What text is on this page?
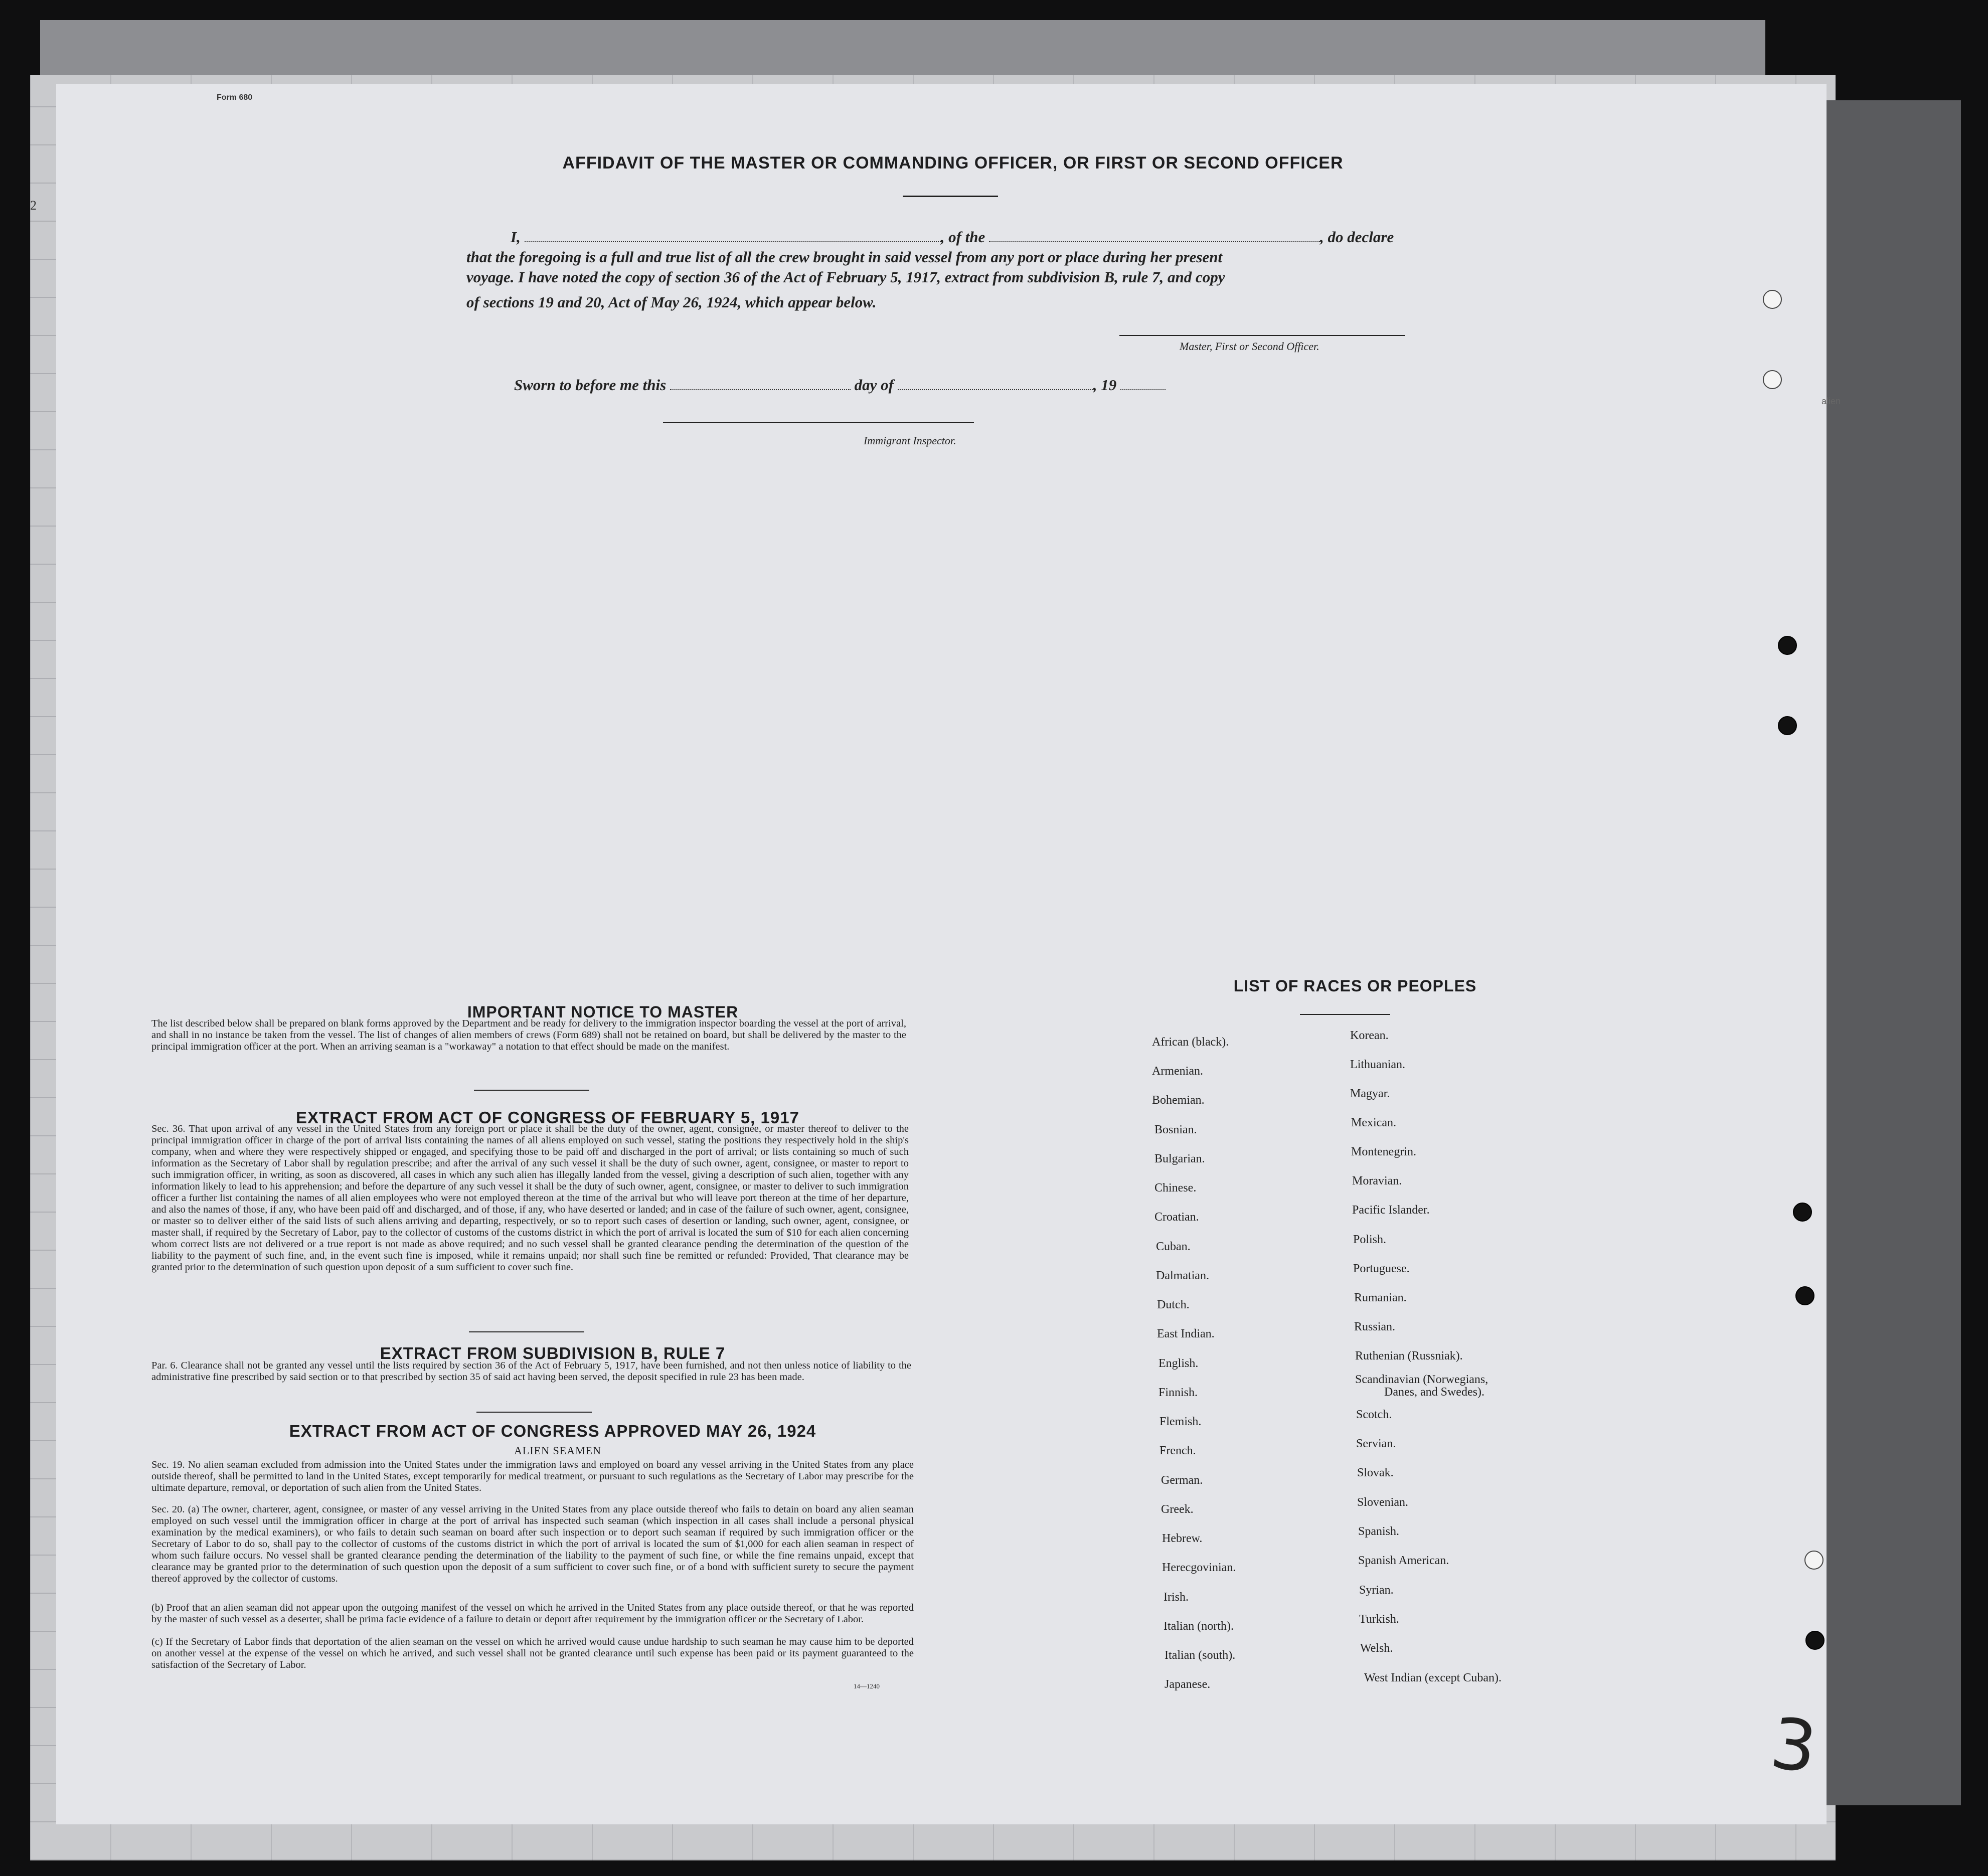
Form 680
2
alien
AFFIDAVIT OF THE MASTER OR COMMANDING OFFICER, OR FIRST OR SECOND OFFICER
I,	, of the	, do declare
that the foregoing is a full and true list of all the crew brought in said vessel from any port or place during her present
voyage. I have noted the copy of section 36 of the Act of February 5, 1917, extract from subdivision B, rule 7, and copy
of sections 19 and 20, Act of May 26, 1924, which appear below.
Master, First or Second Officer.
Sworn to before me this	day of	, 19
Immigrant Inspector.
IMPORTANT NOTICE TO MASTER
The list described below shall be prepared on blank forms approved by the Department and be ready for delivery to the immigration inspector boarding the vessel at the port of arrival, and shall in no instance be taken from the vessel. The list of changes of alien members of crews (Form 689) shall not be retained on board, but shall be delivered by the master to the principal immigration officer at the port. When an arriving seaman is a "workaway" a notation to that effect should be made on the manifest.
EXTRACT FROM ACT OF CONGRESS OF FEBRUARY 5, 1917
Sec. 36. That upon arrival of any vessel in the United States from any foreign port or place it shall be the duty of the owner, agent, consignee, or master thereof to deliver to the principal immigration officer in charge of the port of arrival lists containing the names of all aliens employed on such vessel, stating the positions they respectively hold in the ship's company, when and where they were respectively shipped or engaged, and specifying those to be paid off and discharged in the port of arrival; or lists containing so much of such information as the Secretary of Labor shall by regulation prescribe; and after the arrival of any such vessel it shall be the duty of such owner, agent, consignee, or master to report to such immigration officer, in writing, as soon as discovered, all cases in which any such alien has illegally landed from the vessel, giving a description of such alien, together with any information likely to lead to his apprehension; and before the departure of any such vessel it shall be the duty of such owner, agent, consignee, or master to deliver to such immigration officer a further list containing the names of all alien employees who were not employed thereon at the time of the arrival but who will leave port thereon at the time of her departure, and also the names of those, if any, who have been paid off and discharged, and of those, if any, who have deserted or landed; and in case of the failure of such owner, agent, consignee, or master so to deliver either of the said lists of such aliens arriving and departing, respectively, or so to report such cases of desertion or landing, such owner, agent, consignee, or master shall, if required by the Secretary of Labor, pay to the collector of customs of the customs district in which the port of arrival is located the sum of $10 for each alien concerning whom correct lists are not delivered or a true report is not made as above required; and no such vessel shall be granted clearance pending the determination of the question of the liability to the payment of such fine, and, in the event such fine is imposed, while it remains unpaid; nor shall such fine be remitted or refunded: Provided, That clearance may be granted prior to the determination of such question upon deposit of a sum sufficient to cover such fine.
EXTRACT FROM SUBDIVISION B, RULE 7
Par. 6. Clearance shall not be granted any vessel until the lists required by section 36 of the Act of February 5, 1917, have been furnished, and not then unless notice of liability to the administrative fine prescribed by said section or to that prescribed by section 35 of said act having been served, the deposit specified in rule 23 has been made.
EXTRACT FROM ACT OF CONGRESS APPROVED MAY 26, 1924
ALIEN SEAMEN
Sec. 19. No alien seaman excluded from admission into the United States under the immigration laws and employed on board any vessel arriving in the United States from any place outside thereof, shall be permitted to land in the United States, except temporarily for medical treatment, or pursuant to such regulations as the Secretary of Labor may prescribe for the ultimate departure, removal, or deportation of such alien from the United States.
Sec. 20. (a) The owner, charterer, agent, consignee, or master of any vessel arriving in the United States from any place outside thereof who fails to detain on board any alien seaman employed on such vessel until the immigration officer in charge at the port of arrival has inspected such seaman (which inspection in all cases shall include a personal physical examination by the medical examiners), or who fails to detain such seaman on board after such inspection or to deport such seaman if required by such immigration officer or the Secretary of Labor to do so, shall pay to the collector of customs of the customs district in which the port of arrival is located the sum of $1,000 for each alien seaman in respect of whom such failure occurs. No vessel shall be granted clearance pending the determination of the liability to the payment of such fine, or while the fine remains unpaid, except that clearance may be granted prior to the determination of such question upon the deposit of a sum sufficient to cover such fine, or of a bond with sufficient surety to secure the payment thereof approved by the collector of customs.
(b) Proof that an alien seaman did not appear upon the outgoing manifest of the vessel on which he arrived in the United States from any place outside thereof, or that he was reported by the master of such vessel as a deserter, shall be prima facie evidence of a failure to detain or deport after requirement by the immigration officer or the Secretary of Labor.
(c) If the Secretary of Labor finds that deportation of the alien seaman on the vessel on which he arrived would cause undue hardship to such seaman he may cause him to be deported on another vessel at the expense of the vessel on which he arrived, and such vessel shall not be granted clearance until such expense has been paid or its payment guaranteed to the satisfaction of the Secretary of Labor.
14—1240
LIST OF RACES OR PEOPLES
African (black).
Armenian.
Bohemian.
Bosnian.
Bulgarian.
Chinese.
Croatian.
Cuban.
Dalmatian.
Dutch.
East Indian.
English.
Finnish.
Flemish.
French.
German.
Greek.
Hebrew.
Herecgovinian.
Irish.
Italian (north).
Italian (south).
Japanese.
Korean.
Lithuanian.
Magyar.
Mexican.
Montenegrin.
Moravian.
Pacific Islander.
Polish.
Portuguese.
Rumanian.
Russian.
Ruthenian (Russniak).
Scandinavian (Norwegians,
Danes, and Swedes).
Scotch.
Servian.
Slovak.
Slovenian.
Spanish.
Spanish American.
Syrian.
Turkish.
Welsh.
West Indian (except Cuban).
3
